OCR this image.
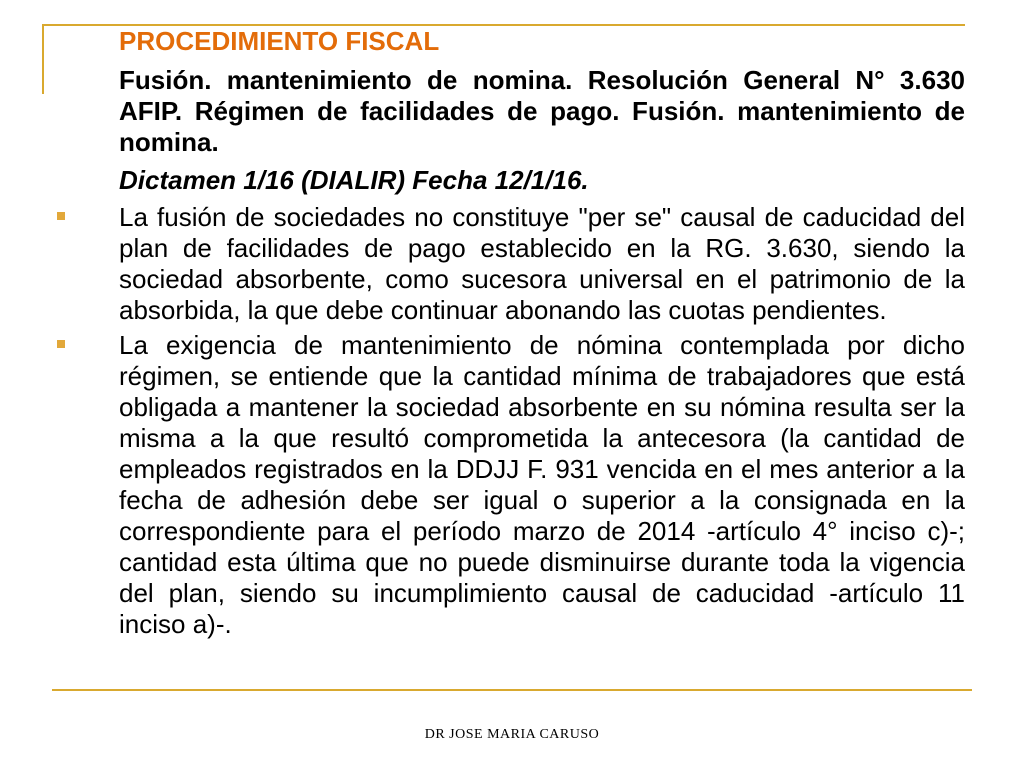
PROCEDIMIENTO FISCAL

Fusión. mantenimiento de nomina. Resolución General N° 3.630 AFIP. Régimen de facilidades de pago. Fusión. mantenimiento de nomina.

Dictamen 1/16 (DIALIR) Fecha 12/1/16.

La fusión de sociedades no constituye "per se" causal de caducidad del plan de facilidades de pago establecido en la RG. 3.630, siendo la sociedad absorbente, como sucesora universal en el patrimonio de la absorbida, la que debe continuar abonando las cuotas pendientes.
La exigencia de mantenimiento de nómina contemplada por dicho régimen, se entiende que la cantidad mínima de trabajadores que está obligada a mantener la sociedad absorbente en su nómina resulta ser la misma a la que resultó comprometida la antecesora (la cantidad de empleados registrados en la DDJJ F. 931 vencida en el mes anterior a la fecha de adhesión debe ser igual o superior a la consignada en la correspondiente para el período marzo de 2014 -artículo 4° inciso c)-; cantidad esta última que no puede disminuirse durante toda la vigencia del plan, siendo su incumplimiento causal de caducidad -artículo 11 inciso a)-.
DR JOSE MARIA CARUSO
